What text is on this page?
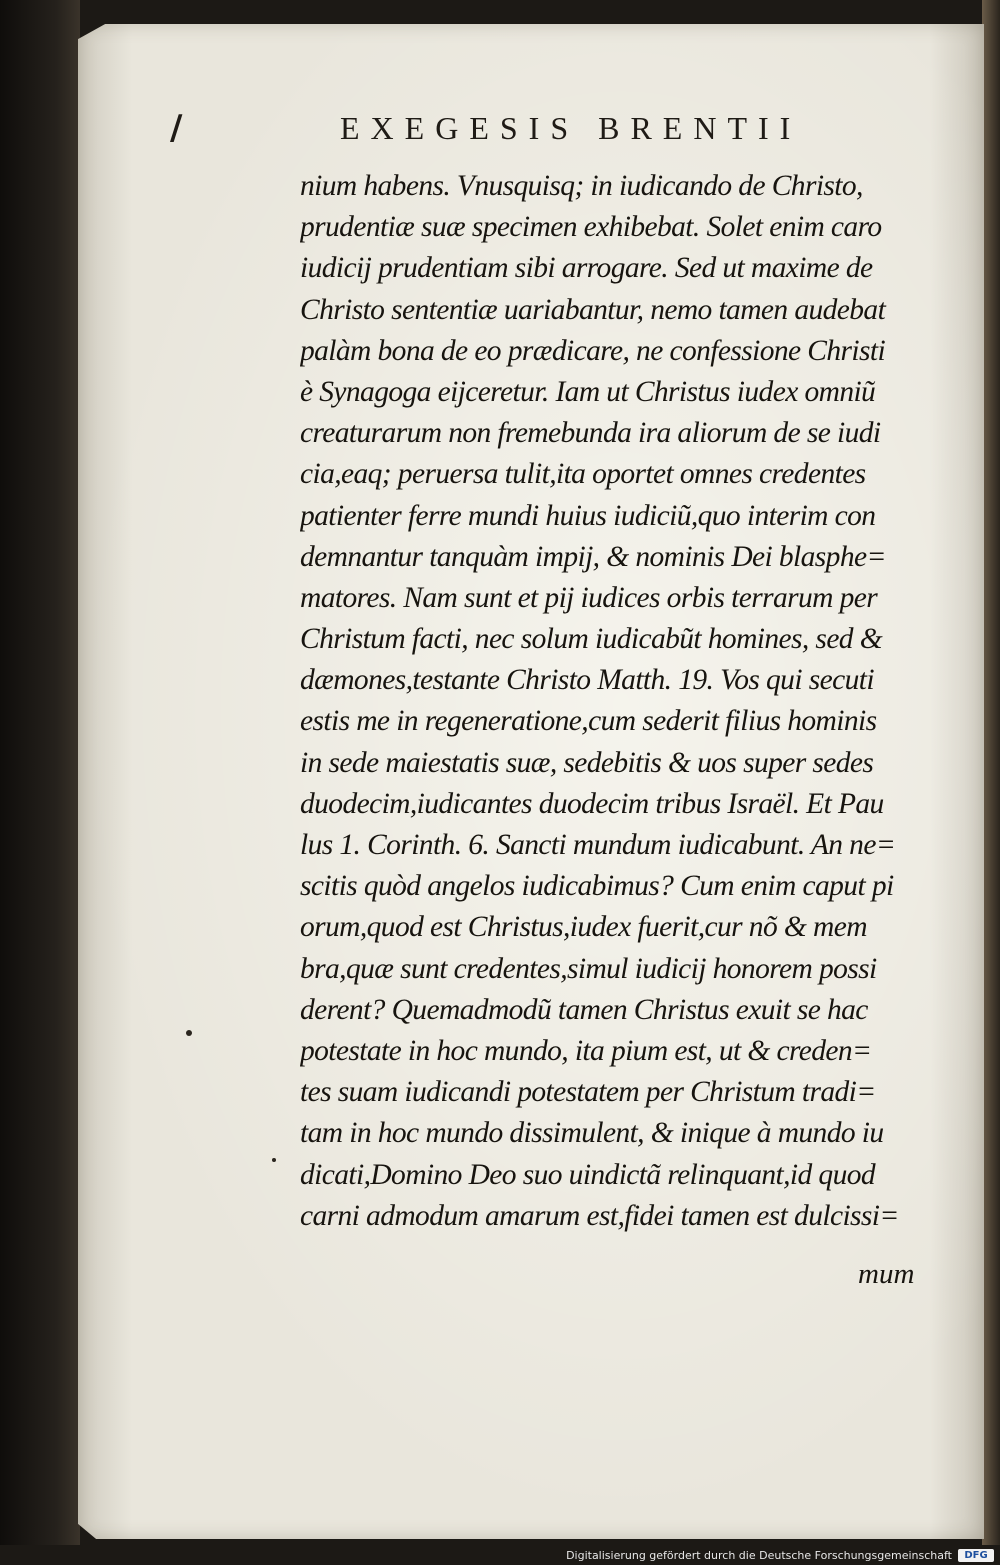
/	EXEGESIS BRENTII
nium habens. Vnusquisq; in iudicando de Christo,
prudentiæ suæ specimen exhibebat. Solet enim caro
iudicij prudentiam sibi arrogare. Sed ut maxime de
Christo sententiæ uariabantur, nemo tamen audebat
palàm bona de eo prædicare, ne confessione Christi
è Synagoga eijceretur. Iam ut Christus iudex omniũ
creaturarum non fremebunda ira aliorum de se iudi
cia,eaq; peruersa tulit,ita oportet omnes credentes
patienter ferre mundi huius iudiciũ,quo interim con
demnantur tanquàm impij, & nominis Dei blasphe=
matores. Nam sunt et pij iudices orbis terrarum per
Christum facti, nec solum iudicabũt homines, sed &
dæmones,testante Christo Matth. 19. Vos qui secuti
estis me in regeneratione,cum sederit filius hominis
in sede maiestatis suæ, sedebitis & uos super sedes
duodecim,iudicantes duodecim tribus Israël. Et Pau
lus 1. Corinth. 6. Sancti mundum iudicabunt. An ne=
scitis quòd angelos iudicabimus? Cum enim caput pi
orum,quod est Christus,iudex fuerit,cur nõ & mem
bra,quæ sunt credentes,simul iudicij honorem possi
derent? Quemadmodũ tamen Christus exuit se hac
potestate in hoc mundo, ita pium est, ut & creden=
tes suam iudicandi potestatem per Christum tradi=
tam in hoc mundo dissimulent, & inique à mundo iu
dicati,Domino Deo suo uindictã relinquant,id quod
carni admodum amarum est,fidei tamen est dulcissi=
mum
Digitalisierung gefördert durch die Deutsche Forschungsgemeinschaft	DFG
